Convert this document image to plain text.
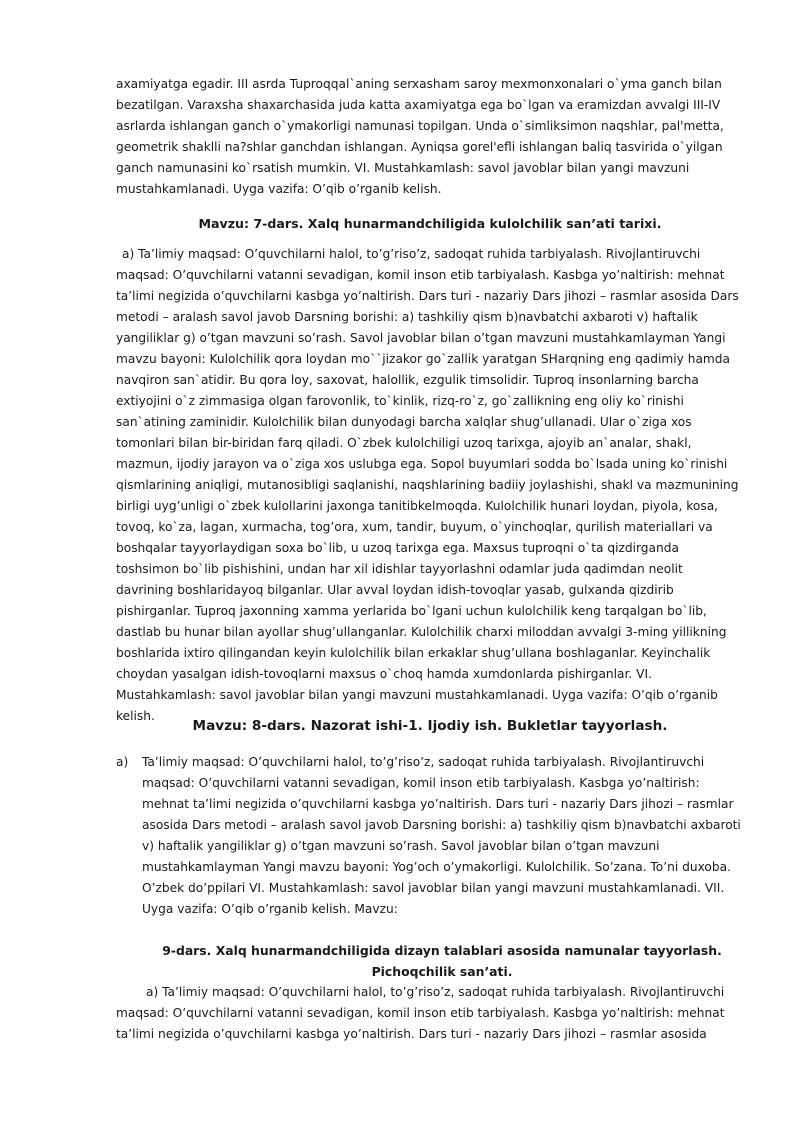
axamiyatga egadir. III asrda Tuproqqal`aning serxasham saroy mexmonxonalari o`yma ganch bilan bezatilgan. Varaxsha shaxarchasida juda katta axamiyatga ega bo`lgan va eramizdan avvalgi III-IV asrlarda ishlangan ganch o`ymakorligi namunasi topilgan. Unda o`simliksimon naqshlar, pal'metta, geometrik shaklli na?shlar ganchdan ishlangan. Ayniqsa gorel'efli ishlangan baliq tasvirida o`yilgan ganch namunasini ko`rsatish mumkin. VI. Mustahkamlash: savol javoblar bilan yangi mavzuni mustahkamlanadi. Uyga vazifa: O’qib o’rganib kelish.

Mavzu: 7-dars. Xalq hunarmandchiligida kulolchilik san’ati tarixi.

a) Ta’limiy maqsad: O’quvchilarni halol, to’g’riso’z, sadoqat ruhida tarbiyalash. Rivojlantiruvchi maqsad: O’quvchilarni vatanni sevadigan, komil inson etib tarbiyalash. Kasbga yo’naltirish: mehnat ta’limi negizida o’quvchilarni kasbga yo’naltirish. Dars turi - nazariy Dars jihozi – rasmlar asosida Dars metodi – aralash savol javob Darsning borishi: a) tashkiliy qism b)navbatchi axbaroti v) haftalik yangiliklar g) o’tgan mavzuni so’rash. Savol javoblar bilan o’tgan mavzuni mustahkamlayman Yangi mavzu bayoni: Kulolchilik qora loydan mo``jizakor go`zallik yaratgan SHarqning eng qadimiy hamda navqiron san`atidir. Bu qora loy, saxovat, halollik, ezgulik timsolidir. Tuproq insonlarning barcha extiyojini o`z zimmasiga olgan farovonlik, to`kinlik, rizq-ro`z, go`zallikning eng oliy ko`rinishi san`atining zaminidir. Kulolchilik bilan dunyodagi barcha xalqlar shug’ullanadi. Ular o`ziga xos tomonlari bilan bir-biridan farq qiladi. O`zbek kulolchiligi uzoq tarixga, ajoyib an`analar, shakl, mazmun, ijodiy jarayon va o`ziga xos uslubga ega. Sopol buyumlari sodda bo`lsada uning ko`rinishi qismlarining aniqligi, mutanosibligi saqlanishi, naqshlarining badiiy joylashishi, shakl va mazmunining birligi uyg’unligi o`zbek kulollarini jaxonga tanitibkelmoqda. Kulolchilik hunari loydan, piyola, kosa, tovoq, ko`za, lagan, xurmacha, tog’ora, xum, tandir, buyum, o`yinchoqlar, qurilish materiallari va boshqalar tayyorlaydigan soxa bo`lib, u uzoq tarixga ega. Maxsus tuproqni o`ta qizdirganda toshsimon bo`lib pishishini, undan har xil idishlar tayyorlashni odamlar juda qadimdan neolit davrining boshlaridayoq bilganlar. Ular avval loydan idish-tovoqlar yasab, gulxanda qizdirib pishirganlar. Tuproq jaxonning xamma yerlarida bo`lgani uchun kulolchilik keng tarqalgan bo`lib, dastlab bu hunar bilan ayollar shug’ullanganlar. Kulolchilik charxi miloddan avvalgi 3-ming yillikning boshlarida ixtiro qilingandan keyin kulolchilik bilan erkaklar shug’ullana boshlaganlar. Keyinchalik choydan yasalgan idish-tovoqlarni maxsus o`choq hamda xumdonlarda pishirganlar. VI. Mustahkamlash: savol javoblar bilan yangi mavzuni mustahkamlanadi. Uyga vazifa: O’qib o’rganib kelish.

Mavzu: 8-dars. Nazorat ishi-1. Ijodiy ish. Bukletlar tayyorlash.
a) Ta’limiy maqsad: O’quvchilarni halol, to’g’riso’z, sadoqat ruhida tarbiyalash. Rivojlantiruvchi maqsad: O’quvchilarni vatanni sevadigan, komil inson etib tarbiyalash. Kasbga yo’naltirish: mehnat ta’limi negizida o’quvchilarni kasbga yo’naltirish. Dars turi - nazariy Dars jihozi – rasmlar asosida Dars metodi – aralash savol javob Darsning borishi: a) tashkiliy qism b)navbatchi axbaroti v) haftalik yangiliklar g) o’tgan mavzuni so’rash. Savol javoblar bilan o’tgan mavzuni mustahkamlayman Yangi mavzu bayoni: Yog’och o’ymakorligi. Kulolchilik. So’zana. To’ni duxoba. O’zbek do’ppilari VI. Mustahkamlash: savol javoblar bilan yangi mavzuni mustahkamlanadi. VII. Uyga vazifa: O’qib o’rganib kelish. Mavzu:
9-dars. Xalq hunarmandchiligida dizayn talablari asosida namunalar tayyorlash. Pichoqchilik san’ati.

a) Ta’limiy maqsad: O’quvchilarni halol, to’g’riso’z, sadoqat ruhida tarbiyalash. Rivojlantiruvchi maqsad: O’quvchilarni vatanni sevadigan, komil inson etib tarbiyalash. Kasbga yo’naltirish: mehnat ta’limi negizida o’quvchilarni kasbga yo’naltirish. Dars turi - nazariy Dars jihozi – rasmlar asosida
